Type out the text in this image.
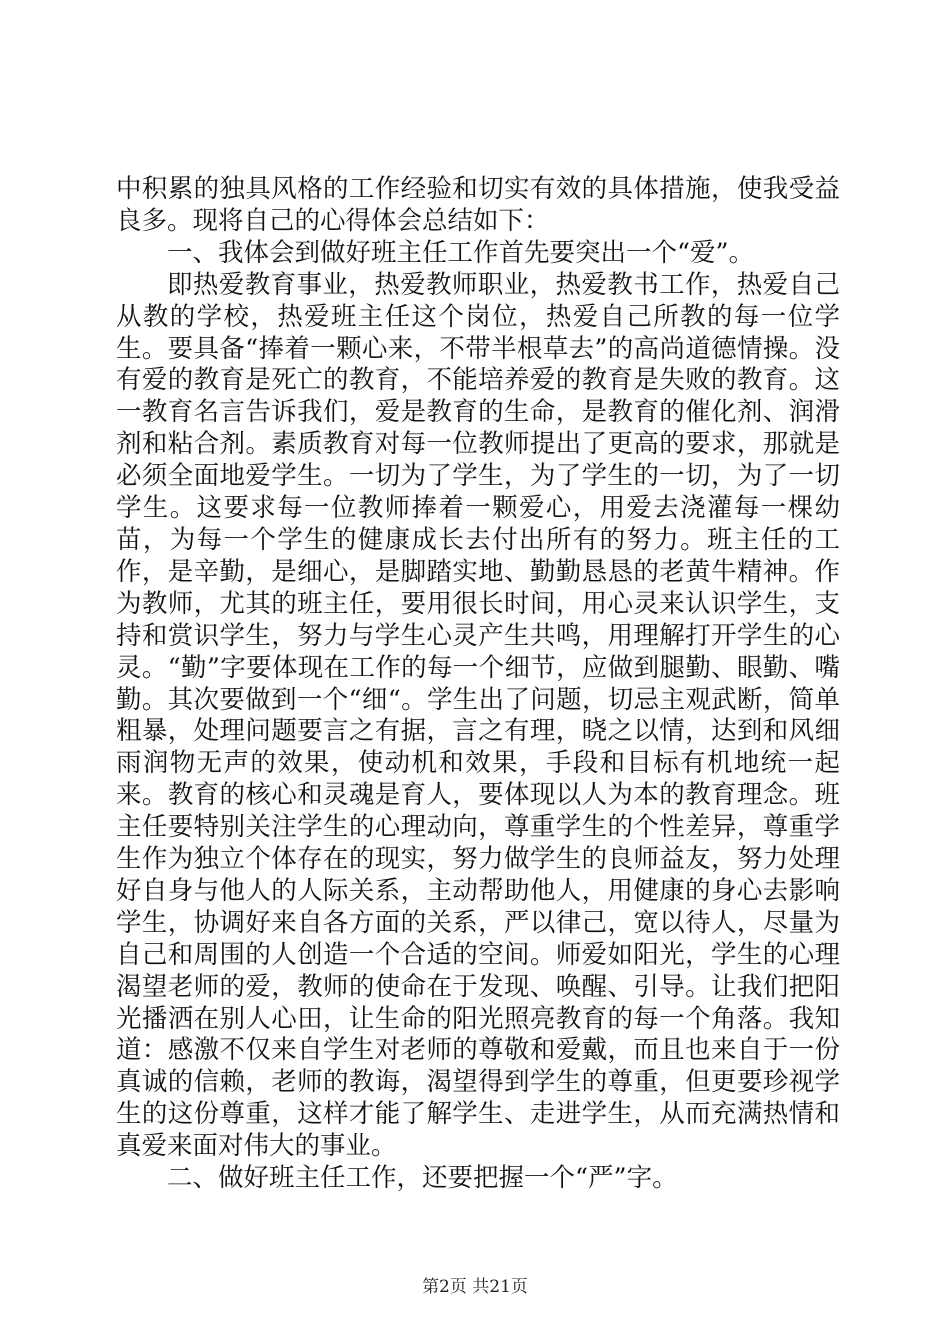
中积累的独具风格的工作经验和切实有效的具体措施，使我受益良多。现将自己的心得体会总结如下：

一、我体会到做好班主任工作首先要突出一个“爱”。

即热爱教育事业，热爱教师职业，热爱教书工作，热爱自己从教的学校，热爱班主任这个岗位，热爱自己所教的每一位学生。要具备“捧着一颗心来，不带半根草去”的高尚道德情操。没有爱的教育是死亡的教育，不能培养爱的教育是失败的教育。这一教育名言告诉我们，爱是教育的生命，是教育的催化剂、润滑剂和粘合剂。素质教育对每一位教师提出了更高的要求，那就是必须全面地爱学生。一切为了学生，为了学生的一切，为了一切学生。这要求每一位教师捧着一颗爱心，用爱去浇灌每一棵幼苗，为每一个学生的健康成长去付出所有的努力。班主任的工作，是辛勤，是细心，是脚踏实地、勤勤恳恳的老黄牛精神。作为教师，尤其的班主任，要用很长时间，用心灵来认识学生，支持和赏识学生，努力与学生心灵产生共鸣，用理解打开学生的心灵。“勤”字要体现在工作的每一个细节，应做到腿勤、眼勤、嘴勤。其次要做到一个“细“。学生出了问题，切忌主观武断，简单粗暴，处理问题要言之有据，言之有理，晓之以情，达到和风细雨润物无声的效果，使动机和效果，手段和目标有机地统一起来。教育的核心和灵魂是育人，要体现以人为本的教育理念。班主任要特别关注学生的心理动向，尊重学生的个性差异，尊重学生作为独立个体存在的现实，努力做学生的良师益友，努力处理好自身与他人的人际关系，主动帮助他人，用健康的身心去影响学生，协调好来自各方面的关系，严以律己，宽以待人，尽量为自己和周围的人创造一个合适的空间。师爱如阳光，学生的心理渴望老师的爱，教师的使命在于发现、唤醒、引导。让我们把阳光播洒在别人心田，让生命的阳光照亮教育的每一个角落。我知道：感激不仅来自学生对老师的尊敬和爱戴，而且也来自于一份真诚的信赖，老师的教诲，渴望得到学生的尊重，但更要珍视学生的这份尊重，这样才能了解学生、走进学生，从而充满热情和真爱来面对伟大的事业。

二、做好班主任工作，还要把握一个“严”字。

第2页 共21页
